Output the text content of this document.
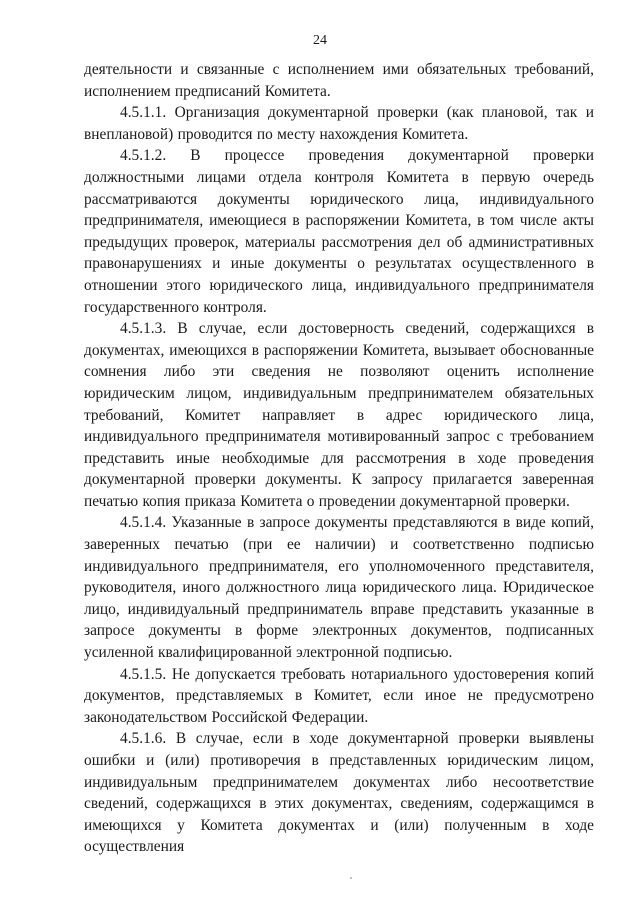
24

деятельности и связанные с исполнением ими обязательных требований, исполнением предписаний Комитета.

4.5.1.1. Организация документарной проверки (как плановой, так и внеплановой) проводится по месту нахождения Комитета.

4.5.1.2. В процессе проведения документарной проверки должностными лицами отдела контроля Комитета в первую очередь рассматриваются документы юридического лица, индивидуального предпринимателя, имеющиеся в распоряжении Комитета, в том числе акты предыдущих проверок, материалы рассмотрения дел об административных правонарушениях и иные документы о результатах осуществленного в отношении этого юридического лица, индивидуального предпринимателя государственного контроля.

4.5.1.3. В случае, если достоверность сведений, содержащихся в документах, имеющихся в распоряжении Комитета, вызывает обоснованные сомнения либо эти сведения не позволяют оценить исполнение юридическим лицом, индивидуальным предпринимателем обязательных требований, Комитет направляет в адрес юридического лица, индивидуального предпринимателя мотивированный запрос с требованием представить иные необходимые для рассмотрения в ходе проведения документарной проверки документы. К запросу прилагается заверенная печатью копия приказа Комитета о проведении документарной проверки.

4.5.1.4. Указанные в запросе документы представляются в виде копий, заверенных печатью (при ее наличии) и соответственно подписью индивидуального предпринимателя, его уполномоченного представителя, руководителя, иного должностного лица юридического лица. Юридическое лицо, индивидуальный предприниматель вправе представить указанные в запросе документы в форме электронных документов, подписанных усиленной квалифицированной электронной подписью.

4.5.1.5. Не допускается требовать нотариального удостоверения копий документов, представляемых в Комитет, если иное не предусмотрено законодательством Российской Федерации.

4.5.1.6. В случае, если в ходе документарной проверки выявлены ошибки и (или) противоречия в представленных юридическим лицом, индивидуальным предпринимателем документах либо несоответствие сведений, содержащихся в этих документах, сведениям, содержащимся в имеющихся у Комитета документах и (или) полученным в ходе осуществления
